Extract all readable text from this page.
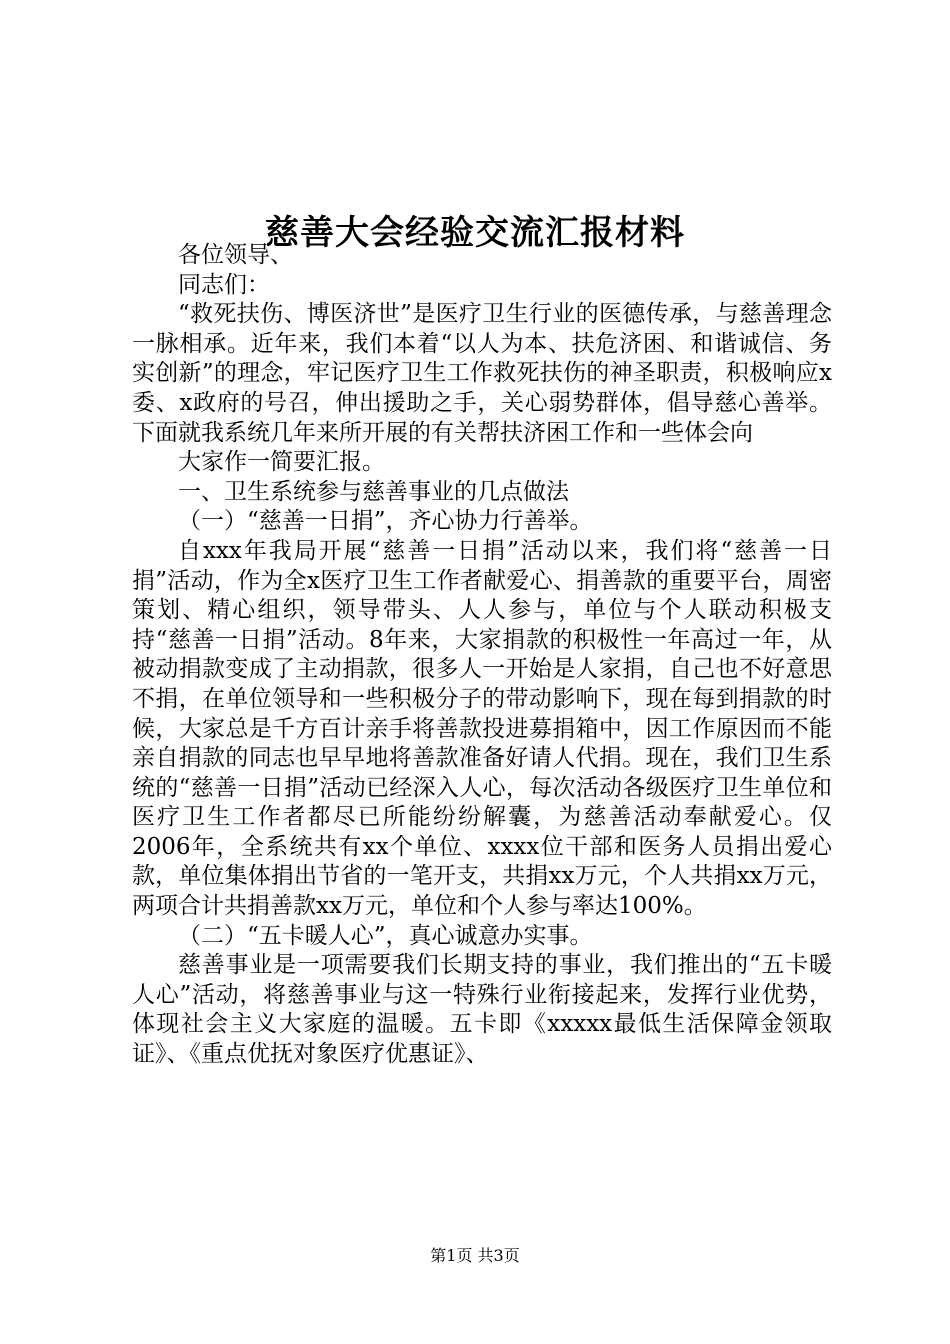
慈善大会经验交流汇报材料

各位领导、

同志们：

“救死扶伤、博医济世”是医疗卫生行业的医德传承，与慈善理念一脉相承。近年来，我们本着“以人为本、扶危济困、和谐诚信、务实创新”的理念，牢记医疗卫生工作救死扶伤的神圣职责，积极响应x委、x政府的号召，伸出援助之手，关心弱势群体，倡导慈心善举。下面就我系统几年来所开展的有关帮扶济困工作和一些体会向

大家作一简要汇报。

一、卫生系统参与慈善事业的几点做法

（一）“慈善一日捐”，齐心协力行善举。

自xxx年我局开展“慈善一日捐”活动以来，我们将“慈善一日捐”活动，作为全x医疗卫生工作者献爱心、捐善款的重要平台，周密策划、精心组织，领导带头、人人参与，单位与个人联动积极支持“慈善一日捐”活动。8年来，大家捐款的积极性一年高过一年，从被动捐款变成了主动捐款，很多人一开始是人家捐，自己也不好意思不捐，在单位领导和一些积极分子的带动影响下，现在每到捐款的时候，大家总是千方百计亲手将善款投进募捐箱中，因工作原因而不能亲自捐款的同志也早早地将善款准备好请人代捐。现在，我们卫生系统的“慈善一日捐”活动已经深入人心，每次活动各级医疗卫生单位和医疗卫生工作者都尽已所能纷纷解囊，为慈善活动奉献爱心。仅2006年，全系统共有xx个单位、xxxx位干部和医务人员捐出爱心款，单位集体捐出节省的一笔开支，共捐xx万元，个人共捐xx万元，两项合计共捐善款xx万元，单位和个人参与率达100%。

（二）“五卡暖人心”，真心诚意办实事。

慈善事业是一项需要我们长期支持的事业，我们推出的“五卡暖人心”活动，将慈善事业与这一特殊行业衔接起来，发挥行业优势，体现社会主义大家庭的温暖。五卡即《xxxxx最低生活保障金领取证》、《重点优抚对象医疗优惠证》、

第1页 共3页
